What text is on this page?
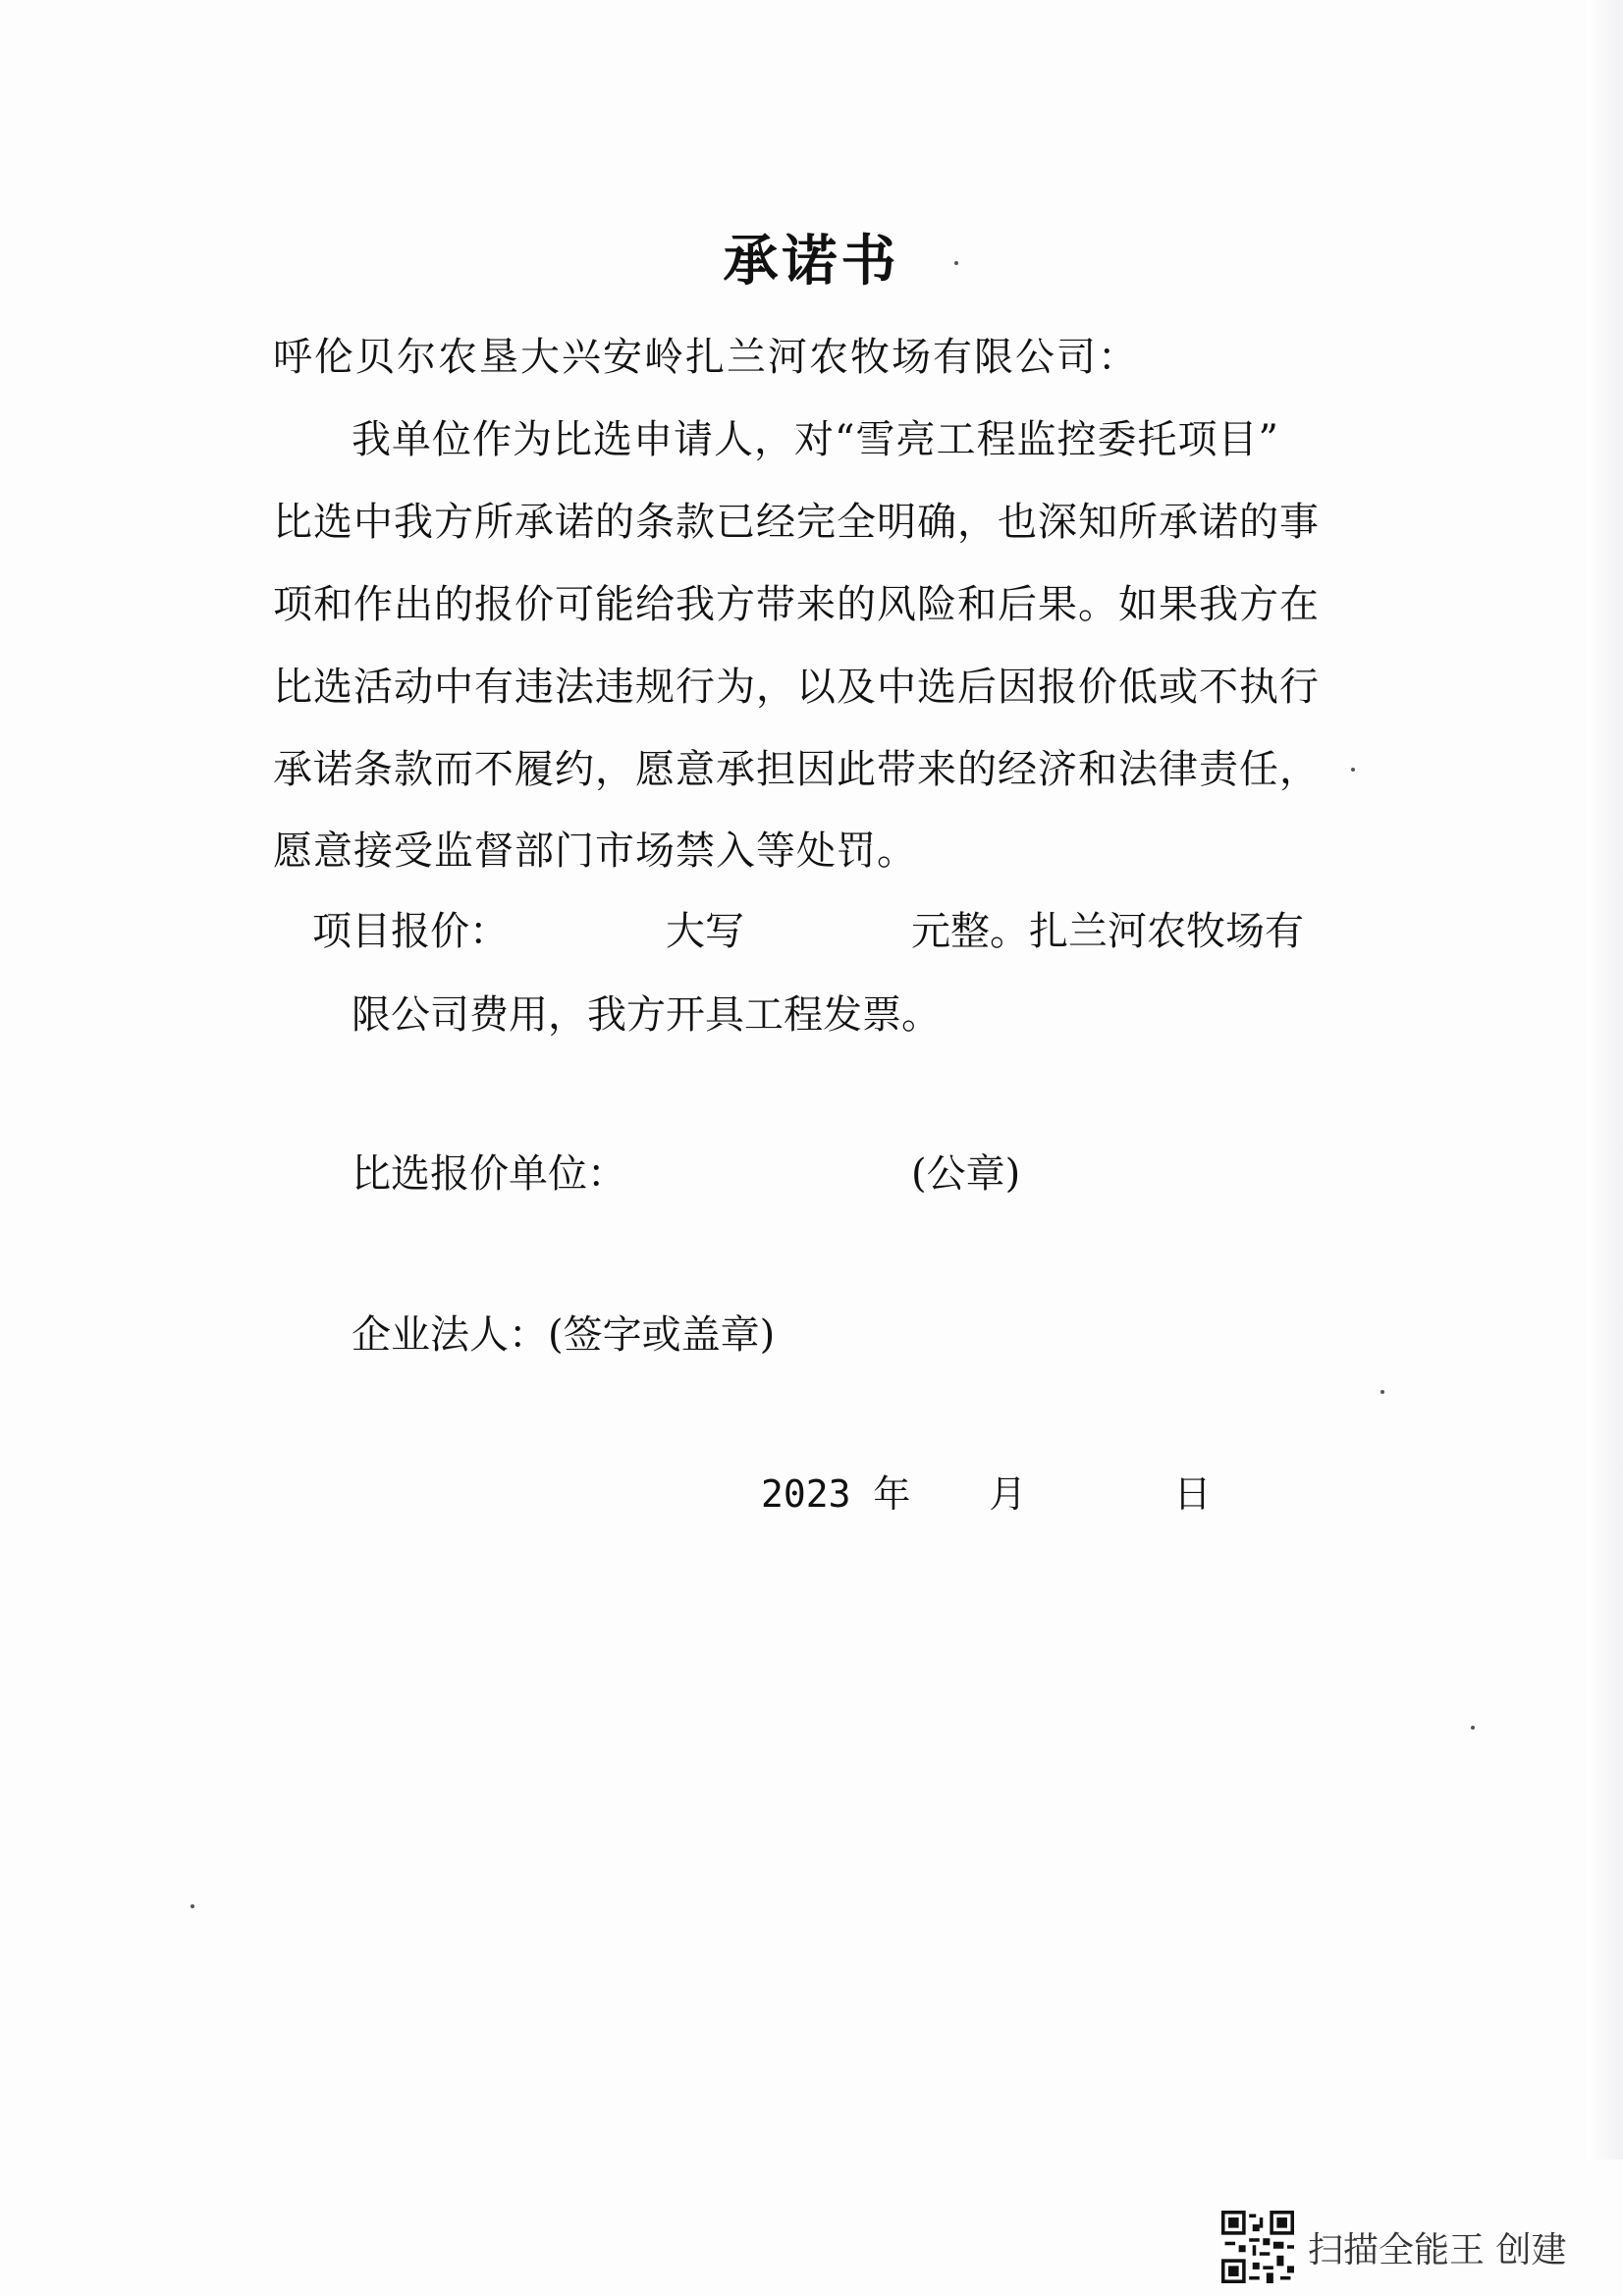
承诺书
呼伦贝尔农垦大兴安岭扎兰河农牧场有限公司：
我单位作为比选申请人，对“雪亮工程监控委托项目”
比选中我方所承诺的条款已经完全明确，也深知所承诺的事
项和作出的报价可能给我方带来的风险和后果。如果我方在
比选活动中有违法违规行为，以及中选后因报价低或不执行
承诺条款而不履约，愿意承担因此带来的经济和法律责任，
愿意接受监督部门市场禁入等处罚。
项目报价：	大写	元整。扎兰河农牧场有
限公司费用，我方开具工程发票。
比选报价单位：	(公章)
企业法人：(签字或盖章)
2023 年 月	日
扫描全能王 创建
